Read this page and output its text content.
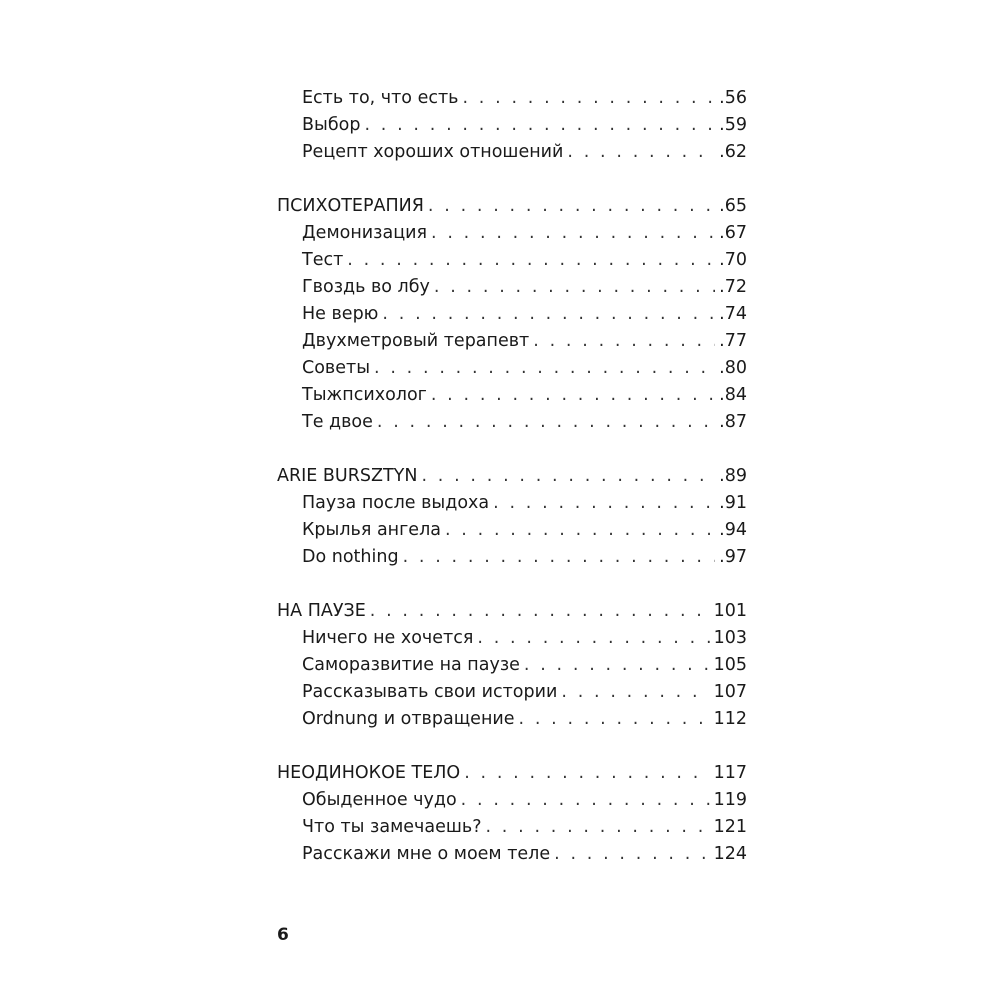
Есть то, что есть . . .	.56
Выбор . . .	.59
Рецепт хороших отношений . . .	.62
ПСИХОТЕРАПИЯ . . .	.65
Демонизация . . .	.67
Тест . . .	.70
Гвоздь во лбу . . .	.72
Не верю . . .	.74
Двухметровый терапевт . . .	.77
Советы . . .	.80
Тыжпсихолог . . .	.84
Те двое . . .	.87
ARIE BURSZTYN . . .	.89
Пауза после выдоха . . .	.91
Крылья ангела . . .	.94
Do nothing . . .	.97
НА ПАУЗЕ . . .	101
Ничего не хочется . . .	103
Саморазвитие на паузе . . .	105
Рассказывать свои истории . . .	107
Ordnung и отвращение . . .	112
НЕОДИНОКОЕ ТЕЛО . . .	117
Обыденное чудо . . .	119
Что ты замечаешь? . . .	121
Расскажи мне о моем теле . . .	124
6
